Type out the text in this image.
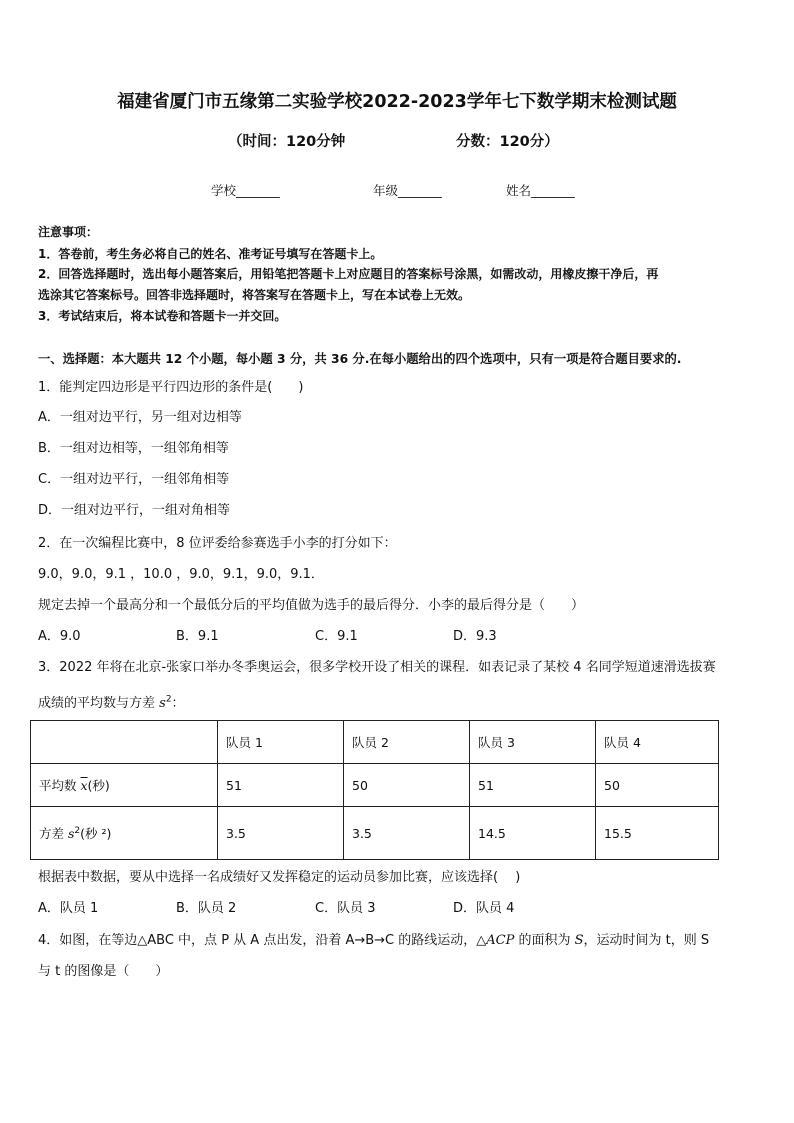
福建省厦门市五缘第二实验学校2022-2023学年七下数学期末检测试题
（时间：120分钟	分数：120分）
学校_______	年级_______	姓名_______
注意事项：
1．答卷前，考生务必将自己的姓名、准考证号填写在答题卡上。
2．回答选择题时，选出每小题答案后，用铅笔把答题卡上对应题目的答案标号涂黑，如需改动，用橡皮擦干净后，再
选涂其它答案标号。回答非选择题时，将答案写在答题卡上，写在本试卷上无效。
3．考试结束后，将本试卷和答题卡一并交回。
一、选择题：本大题共 12 个小题，每小题 3 分，共 36 分.在每小题给出的四个选项中，只有一项是符合题目要求的.
1．能判定四边形是平行四边形的条件是(　　)
A．一组对边平行，另一组对边相等
B．一组对边相等，一组邻角相等
C．一组对边平行，一组邻角相等
D．一组对边平行，一组对角相等
2．在一次编程比赛中，8 位评委给参赛选手小李的打分如下：
9.0，9.0，9.1 ，10.0 ，9.0，9.1，9.0，9.1．
规定去掉一个最高分和一个最低分后的平均值做为选手的最后得分．小李的最后得分是（　　）
A．9.0	B．9.1	C．9.1	D．9.3
3．2022 年将在北京-张家口举办冬季奥运会，很多学校开设了相关的课程．如表记录了某校 4 名同学短道速滑选拔赛
成绩的平均数与方差 $s^2$：
	队员 1	队员 2	队员 3	队员 4
平均数 $\overline{x}$(秒)	51	50	51	50
方差 $s^2$(秒 ²)	3.5	3.5	14.5	15.5
根据表中数据，要从中选择一名成绩好又发挥稳定的运动员参加比赛，应该选择(　 )
A．队员 1	B．队员 2	C．队员 3	D．队员 4
4．如图，在等边△ABC 中，点 P 从 A 点出发，沿着 A→B→C 的路线运动，△ACP 的面积为 S，运动时间为 t，则 S
与 t 的图像是（　　）
